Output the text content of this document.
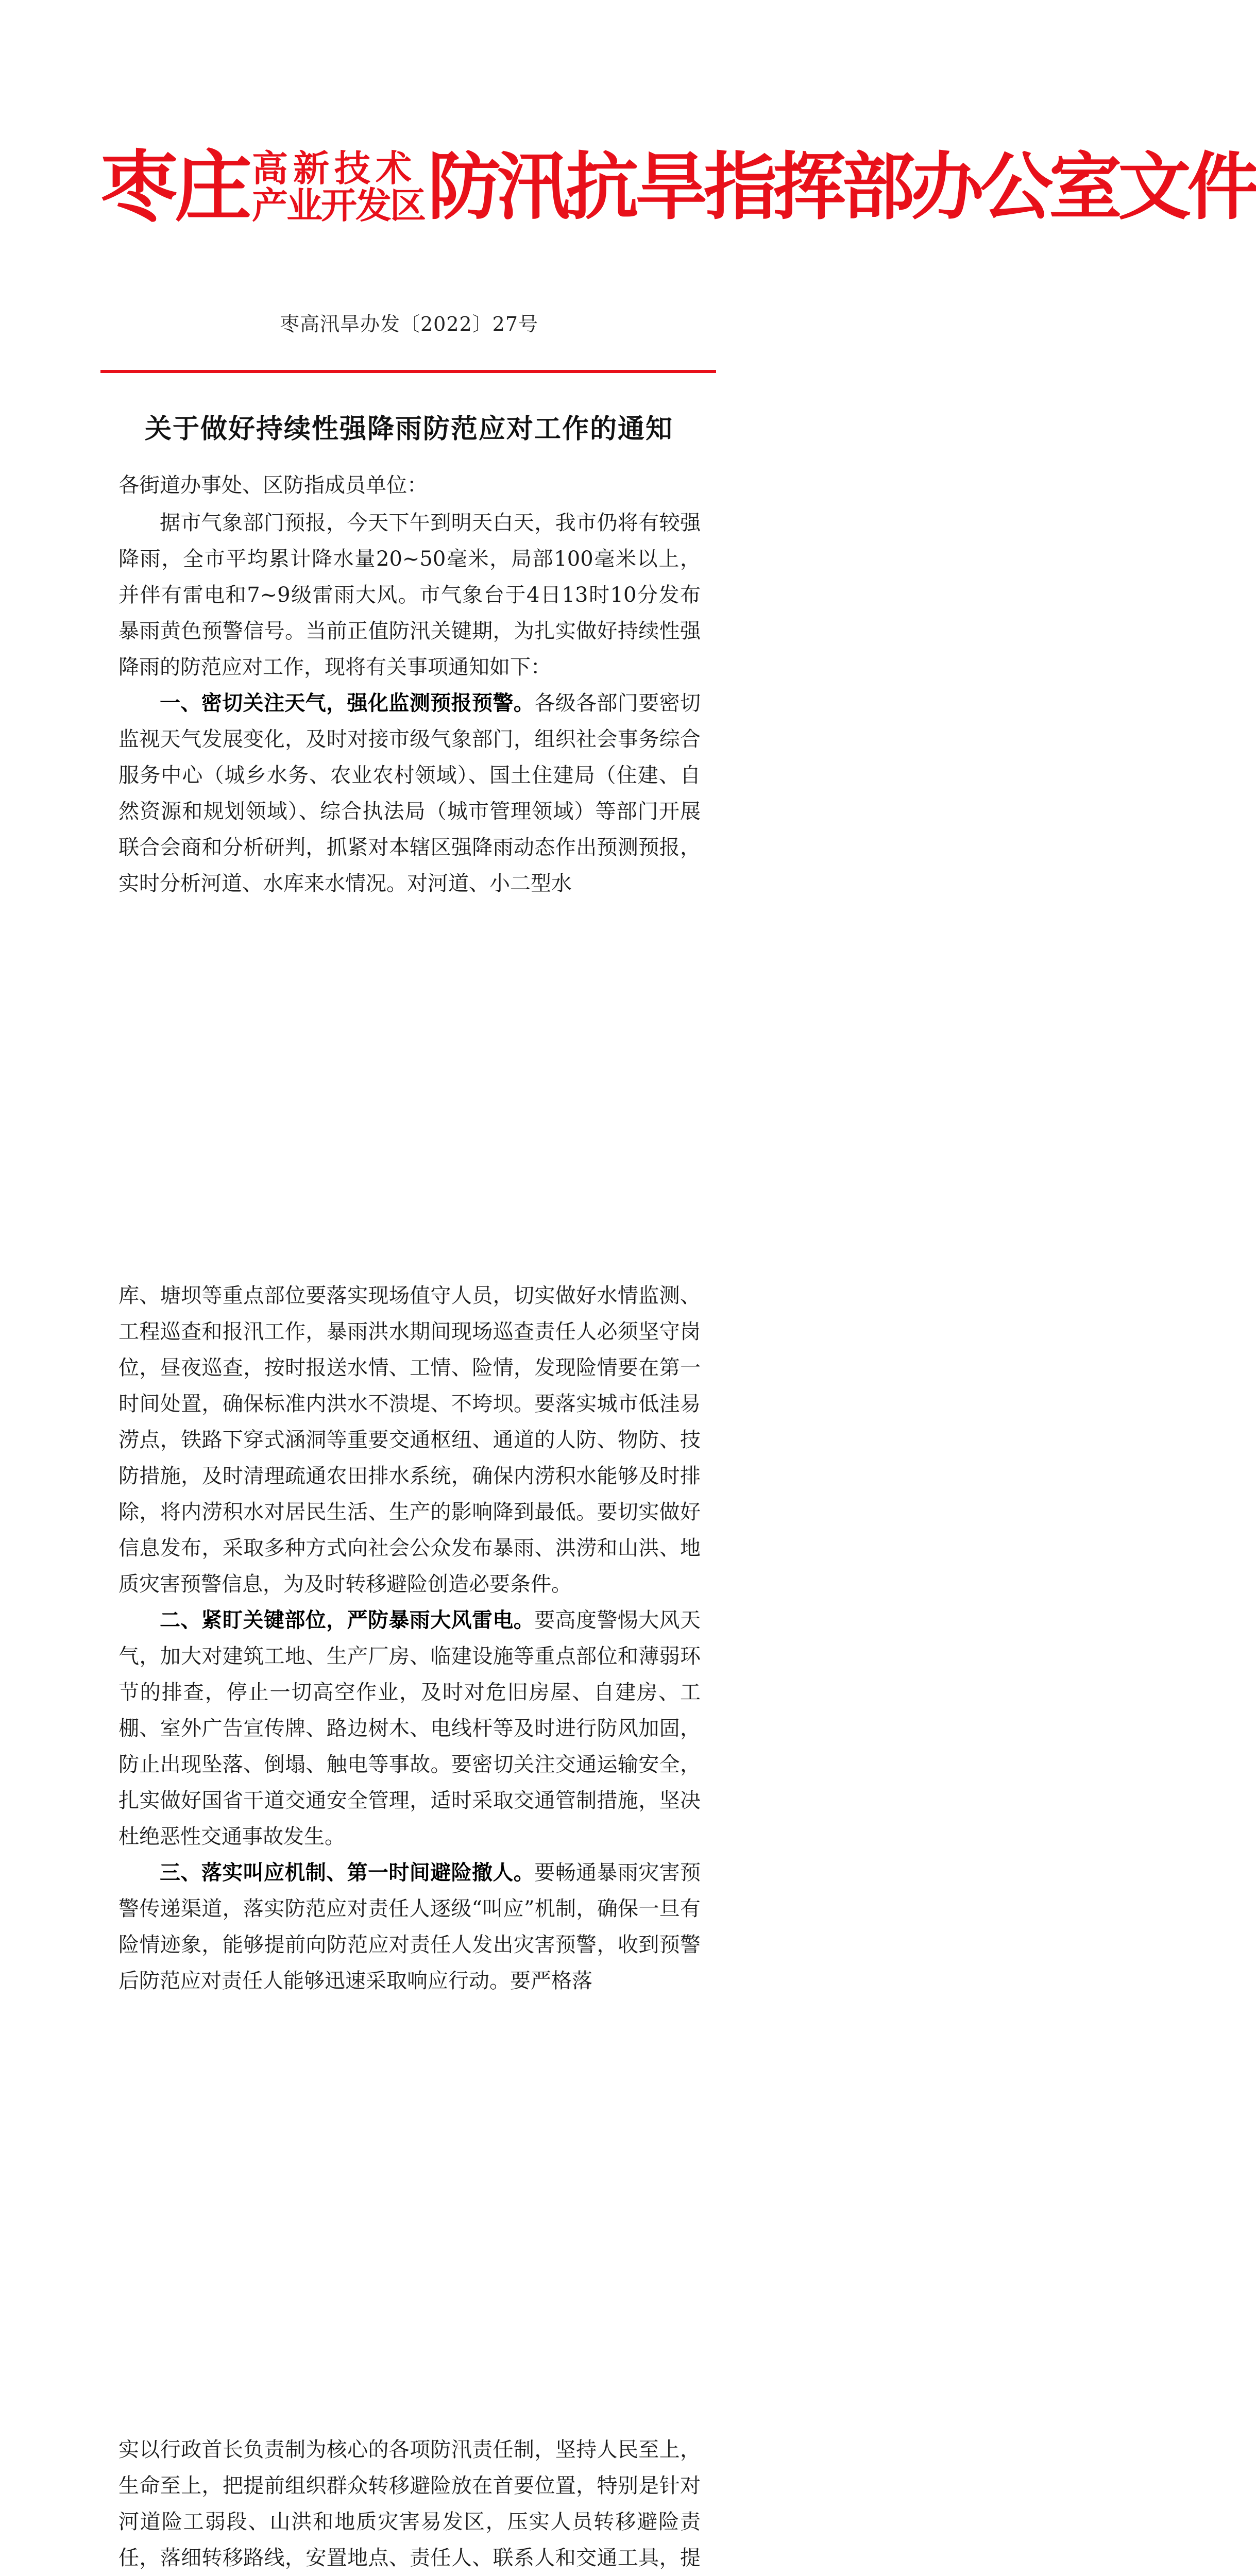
枣庄 高新技术
产业开发区 防汛抗旱指挥部办公室文件
枣高汛旱办发〔2022〕27号
关于做好持续性强降雨防范应对工作的通知
各街道办事处、区防指成员单位：

据市气象部门预报，今天下午到明天白天，我市仍将有较强降雨，全市平均累计降水量20~50毫米，局部100毫米以上，并伴有雷电和7~9级雷雨大风。市气象台于4日13时10分发布暴雨黄色预警信号。当前正值防汛关键期，为扎实做好持续性强降雨的防范应对工作，现将有关事项通知如下：

一、密切关注天气，强化监测预报预警。各级各部门要密切监视天气发展变化，及时对接市级气象部门，组织社会事务综合服务中心（城乡水务、农业农村领域）、国土住建局（住建、自然资源和规划领域）、综合执法局（城市管理领域）等部门开展联合会商和分析研判，抓紧对本辖区强降雨动态作出预测预报，实时分析河道、水库来水情况。对河道、小二型水

库、塘坝等重点部位要落实现场值守人员，切实做好水情监测、工程巡查和报汛工作，暴雨洪水期间现场巡查责任人必须坚守岗位，昼夜巡查，按时报送水情、工情、险情，发现险情要在第一时间处置，确保标准内洪水不溃堤、不垮坝。要落实城市低洼易涝点，铁路下穿式涵洞等重要交通枢纽、通道的人防、物防、技防措施，及时清理疏通农田排水系统，确保内涝积水能够及时排除，将内涝积水对居民生活、生产的影响降到最低。要切实做好信息发布，采取多种方式向社会公众发布暴雨、洪涝和山洪、地质灾害预警信息，为及时转移避险创造必要条件。

二、紧盯关键部位，严防暴雨大风雷电。要高度警惕大风天气，加大对建筑工地、生产厂房、临建设施等重点部位和薄弱环节的排查，停止一切高空作业，及时对危旧房屋、自建房、工棚、室外广告宣传牌、路边树木、电线杆等及时进行防风加固，防止出现坠落、倒塌、触电等事故。要密切关注交通运输安全，扎实做好国省干道交通安全管理，适时采取交通管制措施，坚决杜绝恶性交通事故发生。

三、落实叫应机制、第一时间避险撤人。要畅通暴雨灾害预警传递渠道，落实防范应对责任人逐级“叫应”机制，确保一旦有险情迹象，能够提前向防范应对责任人发出灾害预警，收到预警后防范应对责任人能够迅速采取响应行动。要严格落

实以行政首长负责制为核心的各项防汛责任制，坚持人民至上，生命至上，把提前组织群众转移避险放在首要位置，特别是针对河道险工弱段、山洪和地质灾害易发区，压实人员转移避险责任，落细转移路线，安置地点、责任人、联系人和交通工具，提
